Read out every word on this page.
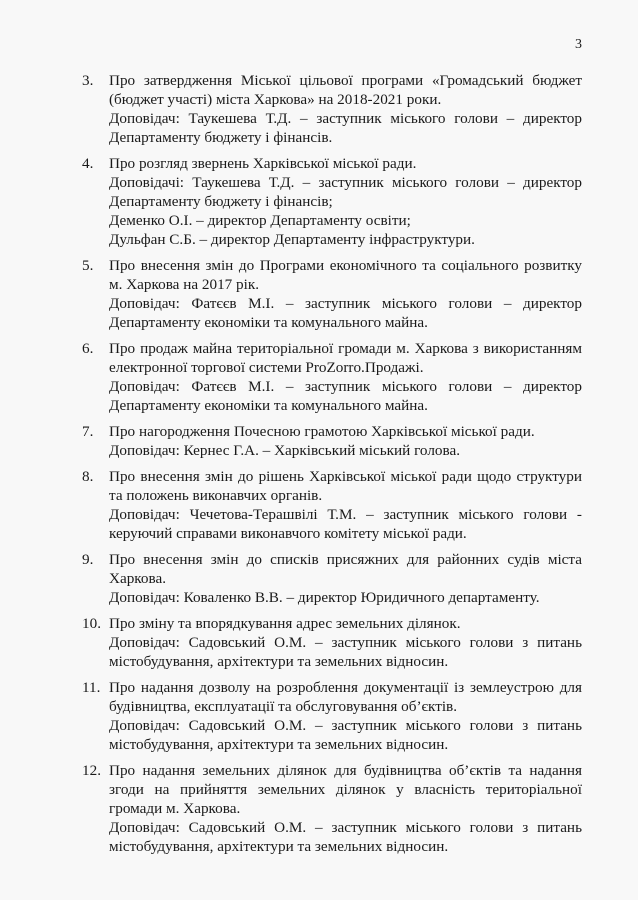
3
3. Про затвердження Міської цільової програми «Громадський бюджет (бюджет участі) міста Харкова» на 2018-2021 роки.

Доповідач: Таукешева Т.Д. – заступник міського голови – директор Департаменту бюджету і фінансів.

4. Про розгляд звернень Харківської міської ради.

Доповідачі: Таукешева Т.Д. – заступник міського голови – директор Департаменту бюджету і фінансів;

Деменко О.І. – директор Департаменту освіти;

Дульфан С.Б. – директор Департаменту інфраструктури.

5. Про внесення змін до Програми економічного та соціального розвитку м. Харкова на 2017 рік.

Доповідач: Фатєєв М.І. – заступник міського голови – директор Департаменту економіки та комунального майна.

6. Про продаж майна територіальної громади м. Харкова з використанням електронної торгової системи ProZorro.Продажі.

Доповідач: Фатєєв М.І. – заступник міського голови – директор Департаменту економіки та комунального майна.

7. Про нагородження Почесною грамотою Харківської міської ради.

Доповідач: Кернес Г.А. – Харківський міський голова.

8. Про внесення змін до рішень Харківської міської ради щодо структури та положень виконавчих органів.

Доповідач: Чечетова-Терашвілі Т.М. – заступник міського голови - керуючий справами виконавчого комітету міської ради.

9. Про внесення змін до списків присяжних для районних судів міста Харкова.

Доповідач: Коваленко В.В. – директор Юридичного департаменту.

10. Про зміну та впорядкування адрес земельних ділянок.

Доповідач: Садовський О.М. – заступник міського голови з питань містобудування, архітектури та земельних відносин.

11. Про надання дозволу на розроблення документації із землеустрою для будівництва, експлуатації та обслуговування об’єктів.

Доповідач: Садовський О.М. – заступник міського голови з питань містобудування, архітектури та земельних відносин.

12. Про надання земельних ділянок для будівництва об’єктів та надання згоди на прийняття земельних ділянок у власність територіальної громади м. Харкова.

Доповідач: Садовський О.М. – заступник міського голови з питань містобудування, архітектури та земельних відносин.
